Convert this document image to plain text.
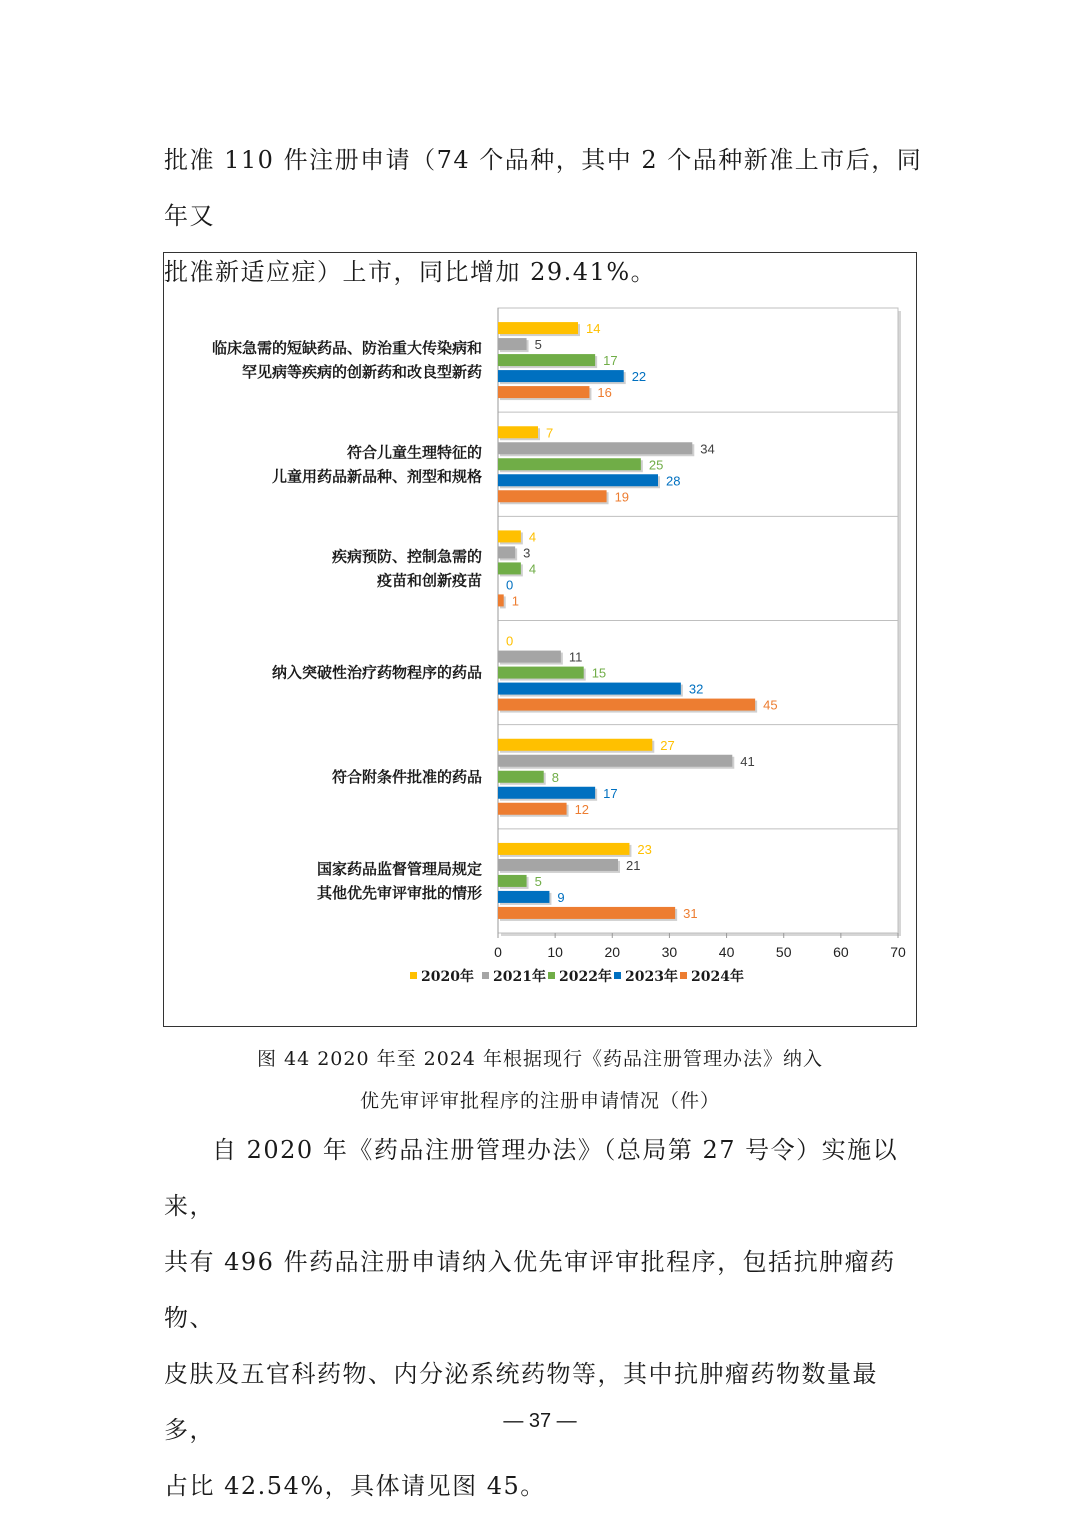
批准 110 件注册申请（74 个品种，其中 2 个品种新准上市后，同年又
批准新适应症）上市，同比增加 29.41%。

0	10	20	30	40	50	60	70
14
5
17
22
16
临床急需的短缺药品、防治重大传染病和
罕见病等疾病的创新药和改良型新药
7
34
25
28
19
符合儿童生理特征的
儿童用药品新品种、剂型和规格
4
3
4
0
1
疾病预防、控制急需的
疫苗和创新疫苗
0
11
15
32
45
纳入突破性治疗药物程序的药品
27
41
8
17
12
符合附条件批准的药品
23
21
5
9
31
国家药品监督管理局规定
其他优先审评审批的情形
2020年 2021年 2022年 2023年 2024年
图 44 2020 年至 2024 年根据现行《药品注册管理办法》纳入
优先审评审批程序的注册申请情况（件）

自 2020 年《药品注册管理办法》（总局第 27 号令）实施以来，
共有 496 件药品注册申请纳入优先审评审批程序，包括抗肿瘤药物、
皮肤及五官科药物、内分泌系统药物等，其中抗肿瘤药物数量最多，
占比 42.54%，具体请见图 45。

— 37 —
